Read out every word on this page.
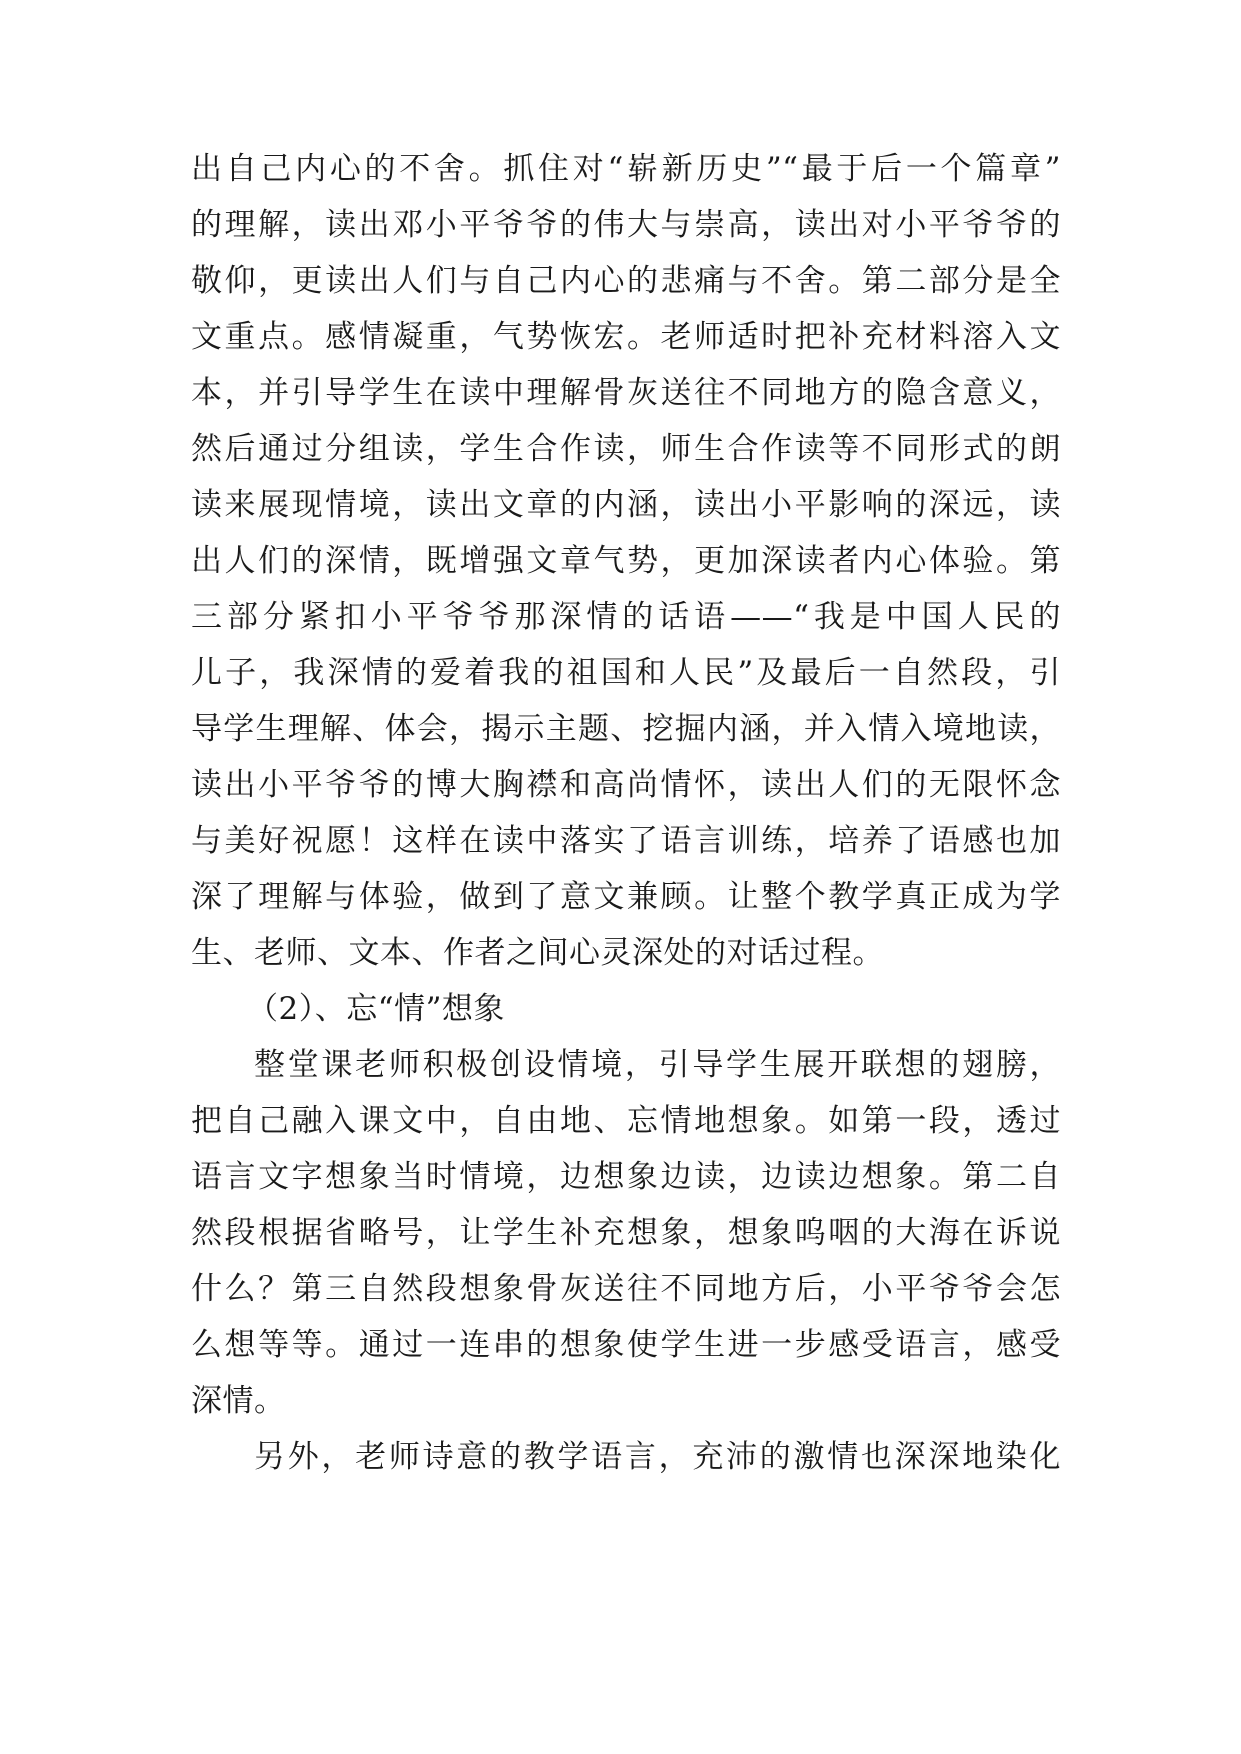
出自己内心的不舍。抓住对“崭新历史”“最于后一个篇章”
的理解，读出邓小平爷爷的伟大与崇高，读出对小平爷爷的
敬仰，更读出人们与自己内心的悲痛与不舍。第二部分是全
文重点。感情凝重，气势恢宏。老师适时把补充材料溶入文
本，并引导学生在读中理解骨灰送往不同地方的隐含意义，
然后通过分组读，学生合作读，师生合作读等不同形式的朗
读来展现情境，读出文章的内涵，读出小平影响的深远，读
出人们的深情，既增强文章气势，更加深读者内心体验。第
三部分紧扣小平爷爷那深情的话语——“我是中国人民的
儿子，我深情的爱着我的祖国和人民”及最后一自然段，引
导学生理解、体会，揭示主题、挖掘内涵，并入情入境地读，
读出小平爷爷的博大胸襟和高尚情怀，读出人们的无限怀念
与美好祝愿！这样在读中落实了语言训练，培养了语感也加
深了理解与体验，做到了意文兼顾。让整个教学真正成为学
生、老师、文本、作者之间心灵深处的对话过程。
（2）、忘“情”想象
整堂课老师积极创设情境，引导学生展开联想的翅膀，
把自己融入课文中，自由地、忘情地想象。如第一段，透过
语言文字想象当时情境，边想象边读，边读边想象。第二自
然段根据省略号，让学生补充想象，想象呜咽的大海在诉说
什么？第三自然段想象骨灰送往不同地方后，小平爷爷会怎
么想等等。通过一连串的想象使学生进一步感受语言，感受
深情。
另外，老师诗意的教学语言，充沛的激情也深深地染化
